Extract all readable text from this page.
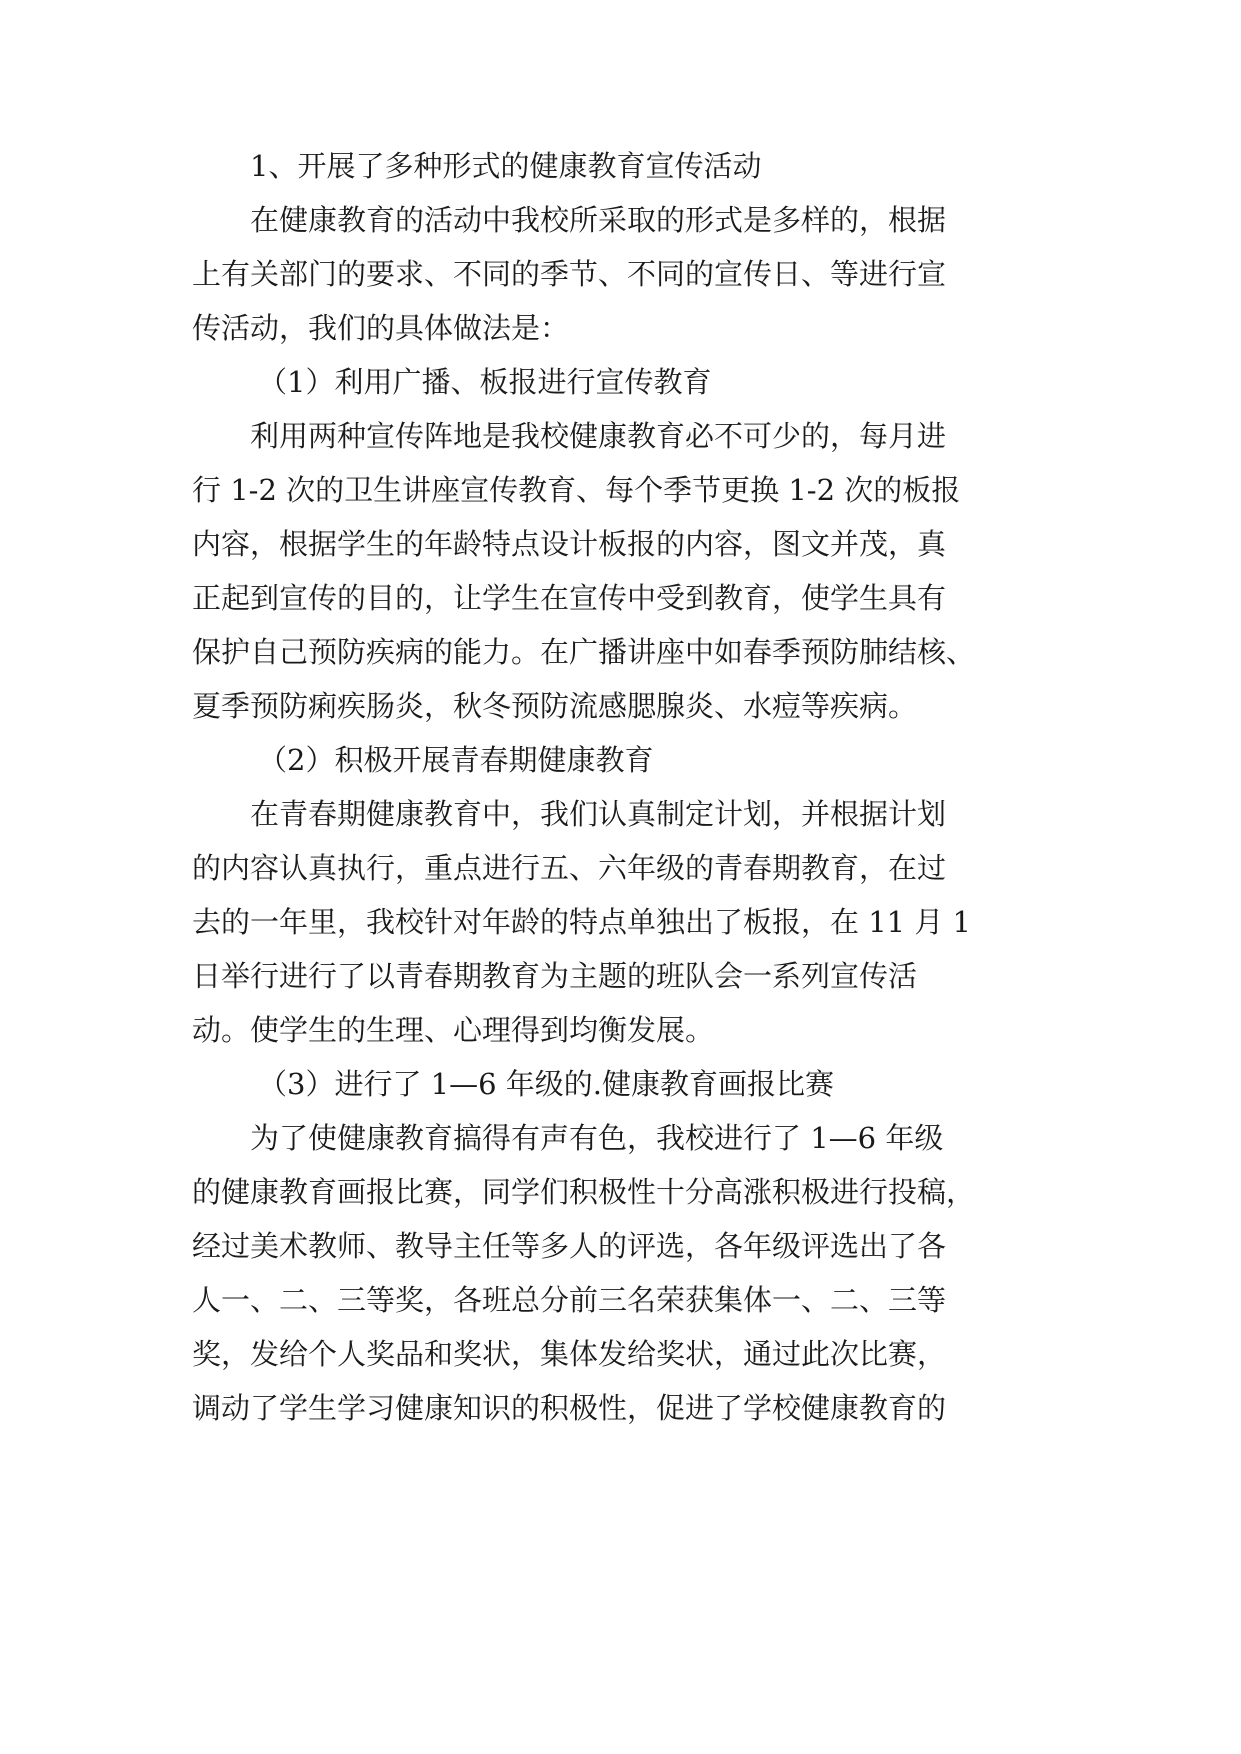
1、开展了多种形式的健康教育宣传活动
在健康教育的活动中我校所采取的形式是多样的，根据
上有关部门的要求、不同的季节、不同的宣传日、等进行宣
传活动，我们的具体做法是：
（1）利用广播、板报进行宣传教育
利用两种宣传阵地是我校健康教育必不可少的，每月进
行 1-2 次的卫生讲座宣传教育、每个季节更换 1-2 次的板报
内容，根据学生的年龄特点设计板报的内容，图文并茂，真
正起到宣传的目的，让学生在宣传中受到教育，使学生具有
保护自己预防疾病的能力。在广播讲座中如春季预防肺结核、
夏季预防痢疾肠炎，秋冬预防流感腮腺炎、水痘等疾病。
（2）积极开展青春期健康教育
在青春期健康教育中，我们认真制定计划，并根据计划
的内容认真执行，重点进行五、六年级的青春期教育，在过
去的一年里，我校针对年龄的特点单独出了板报，在 11 月 1
日举行进行了以青春期教育为主题的班队会一系列宣传活
动。使学生的生理、心理得到均衡发展。
（3）进行了 1—6 年级的.健康教育画报比赛
为了使健康教育搞得有声有色，我校进行了 1—6 年级
的健康教育画报比赛，同学们积极性十分高涨积极进行投稿，
经过美术教师、教导主任等多人的评选，各年级评选出了各
人一、二、三等奖，各班总分前三名荣获集体一、二、三等
奖，发给个人奖品和奖状，集体发给奖状，通过此次比赛，
调动了学生学习健康知识的积极性，促进了学校健康教育的
